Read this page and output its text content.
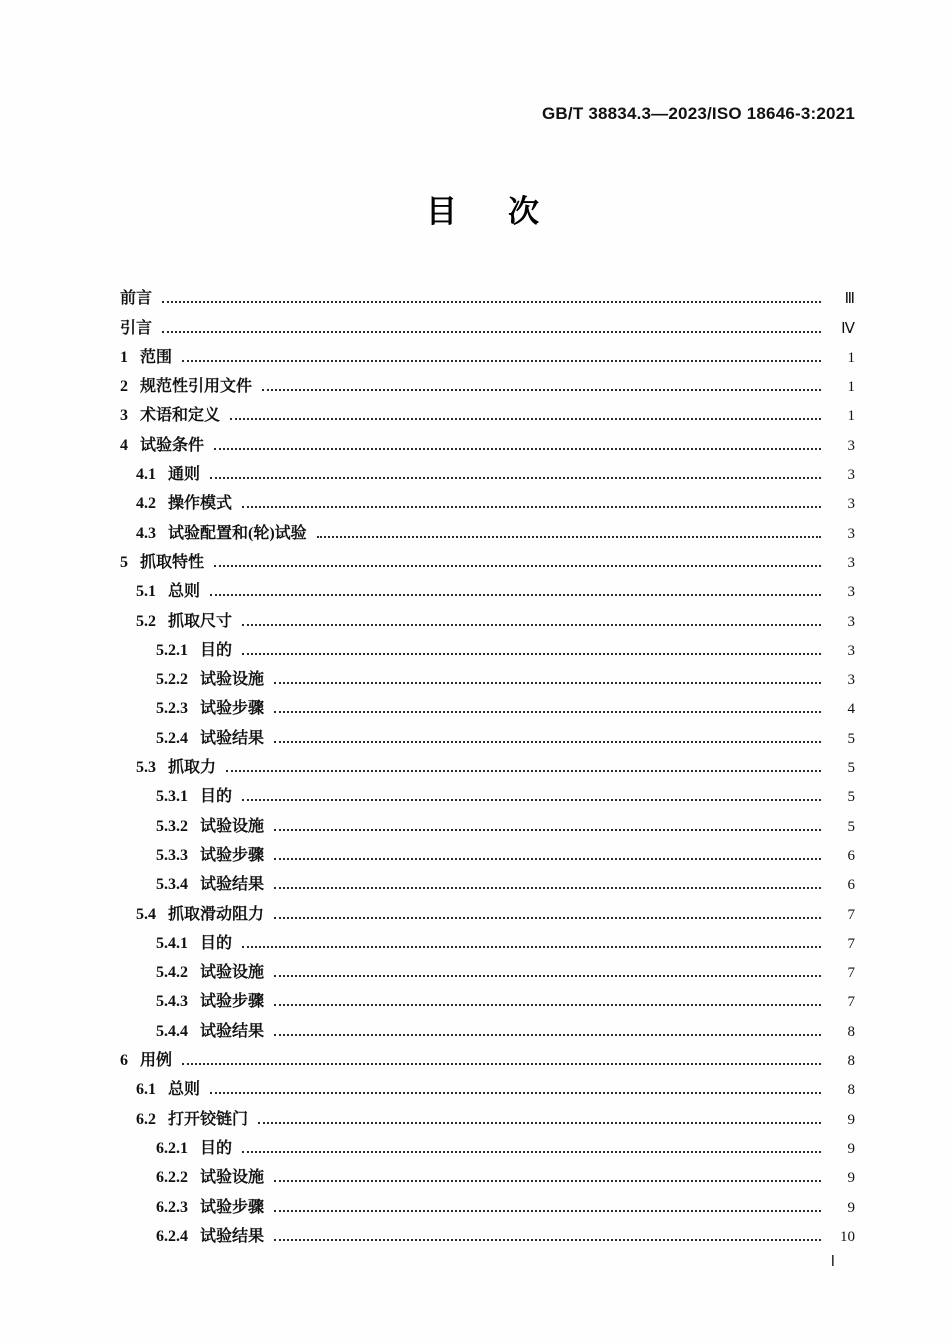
GB/T 38834.3—2023/ISO 18646-3:2021
目　次
前言	Ⅲ
引言	Ⅳ
1 范围	1
2 规范性引用文件	1
3 术语和定义	1
4 试验条件	3
4.1 通则	3
4.2 操作模式	3
4.3 试验配置和(轮)试验	3
5 抓取特性	3
5.1 总则	3
5.2 抓取尺寸	3
5.2.1 目的	3
5.2.2 试验设施	3
5.2.3 试验步骤	4
5.2.4 试验结果	5
5.3 抓取力	5
5.3.1 目的	5
5.3.2 试验设施	5
5.3.3 试验步骤	6
5.3.4 试验结果	6
5.4 抓取滑动阻力	7
5.4.1 目的	7
5.4.2 试验设施	7
5.4.3 试验步骤	7
5.4.4 试验结果	8
6 用例	8
6.1 总则	8
6.2 打开铰链门	9
6.2.1 目的	9
6.2.2 试验设施	9
6.2.3 试验步骤	9
6.2.4 试验结果	10
Ⅰ
